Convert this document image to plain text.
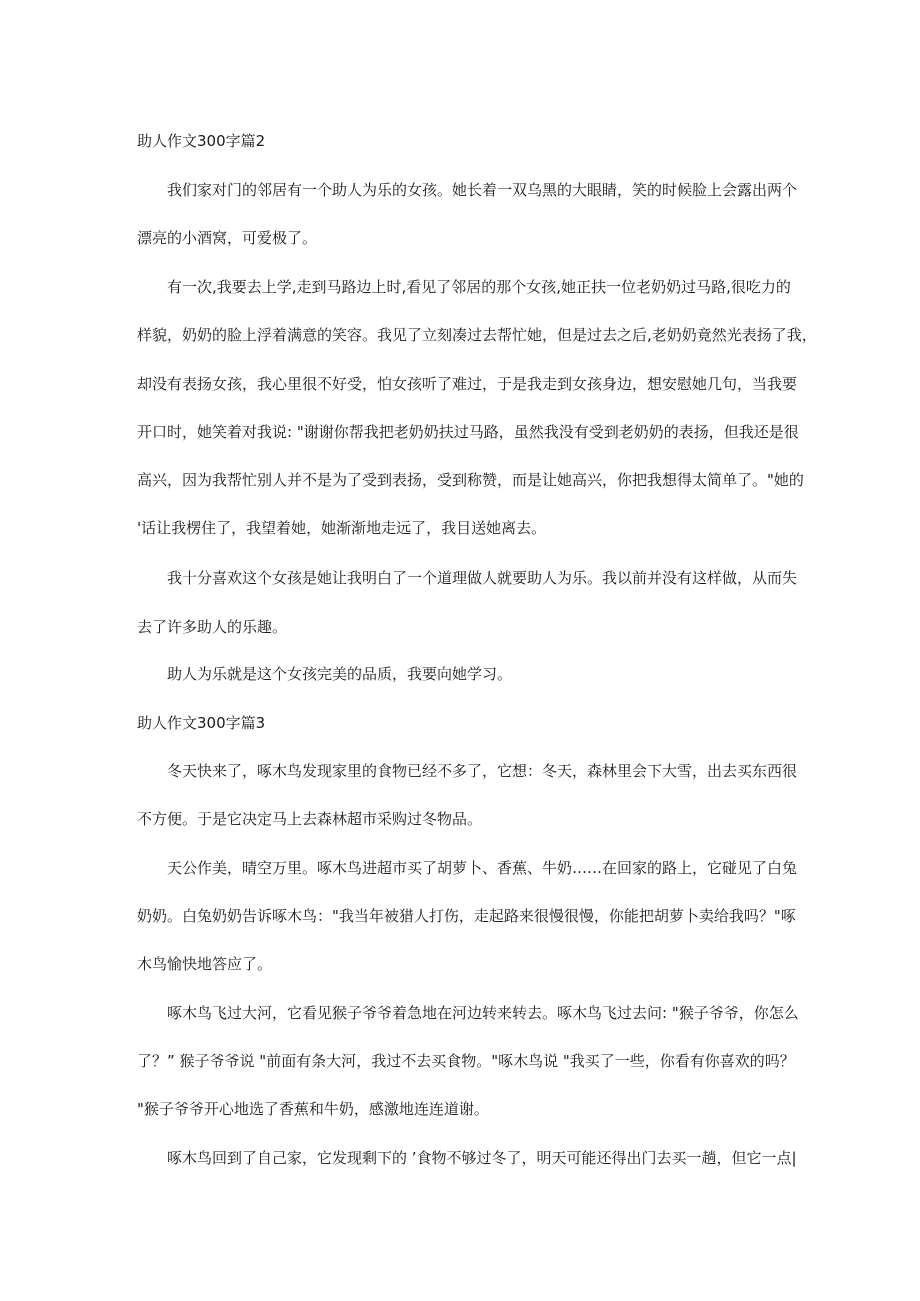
助人作文300字篇2
我们家对门的邻居有一个助人为乐的女孩。她长着一双乌黑的大眼睛，笑的时候脸上会露出两个
漂亮的小酒窝，可爱极了。
有一次,我要去上学,走到马路边上时,看见了邻居的那个女孩,她正扶一位老奶奶过马路,很吃力的
样貌，奶奶的脸上浮着满意的笑容。我见了立刻凑过去帮忙她，但是过去之后,老奶奶竟然光表扬了我，
却没有表扬女孩，我心里很不好受，怕女孩听了难过，于是我走到女孩身边，想安慰她几句，当我要
开口时，她笑着对我说: "谢谢你帮我把老奶奶扶过马路，虽然我没有受到老奶奶的表扬，但我还是很
高兴，因为我帮忙别人并不是为了受到表扬，受到称赞，而是让她高兴，你把我想得太简单了。"她的
'话让我楞住了，我望着她，她渐渐地走远了，我目送她离去。
我十分喜欢这个女孩是她让我明白了一个道理做人就要助人为乐。我以前并没有这样做，从而失
去了许多助人的乐趣。
助人为乐就是这个女孩完美的品质，我要向她学习。
助人作文300字篇3
冬天快来了，啄木鸟发现家里的食物已经不多了，它想：冬天，森林里会下大雪，出去买东西很
不方便。于是它决定马上去森林超市采购过冬物品。
天公作美，晴空万里。啄木鸟进超市买了胡萝卜、香蕉、牛奶……在回家的路上，它碰见了白兔
奶奶。白兔奶奶告诉啄木鸟："我当年被猎人打伤，走起路来很慢很慢，你能把胡萝卜卖给我吗？"啄
木鸟愉快地答应了。
啄木鸟飞过大河，它看见猴子爷爷着急地在河边转来转去。啄木鸟飞过去问: "猴子爷爷，你怎么
了？” 猴子爷爷说 "前面有条大河，我过不去买食物。"啄木鸟说 "我买了一些，你看有你喜欢的吗？
"猴子爷爷开心地选了香蕉和牛奶，感激地连连道谢。
啄木鸟回到了自己家，它发现剩下的 ’食物不够过冬了，明天可能还得出门去买一趟，但它一点|
